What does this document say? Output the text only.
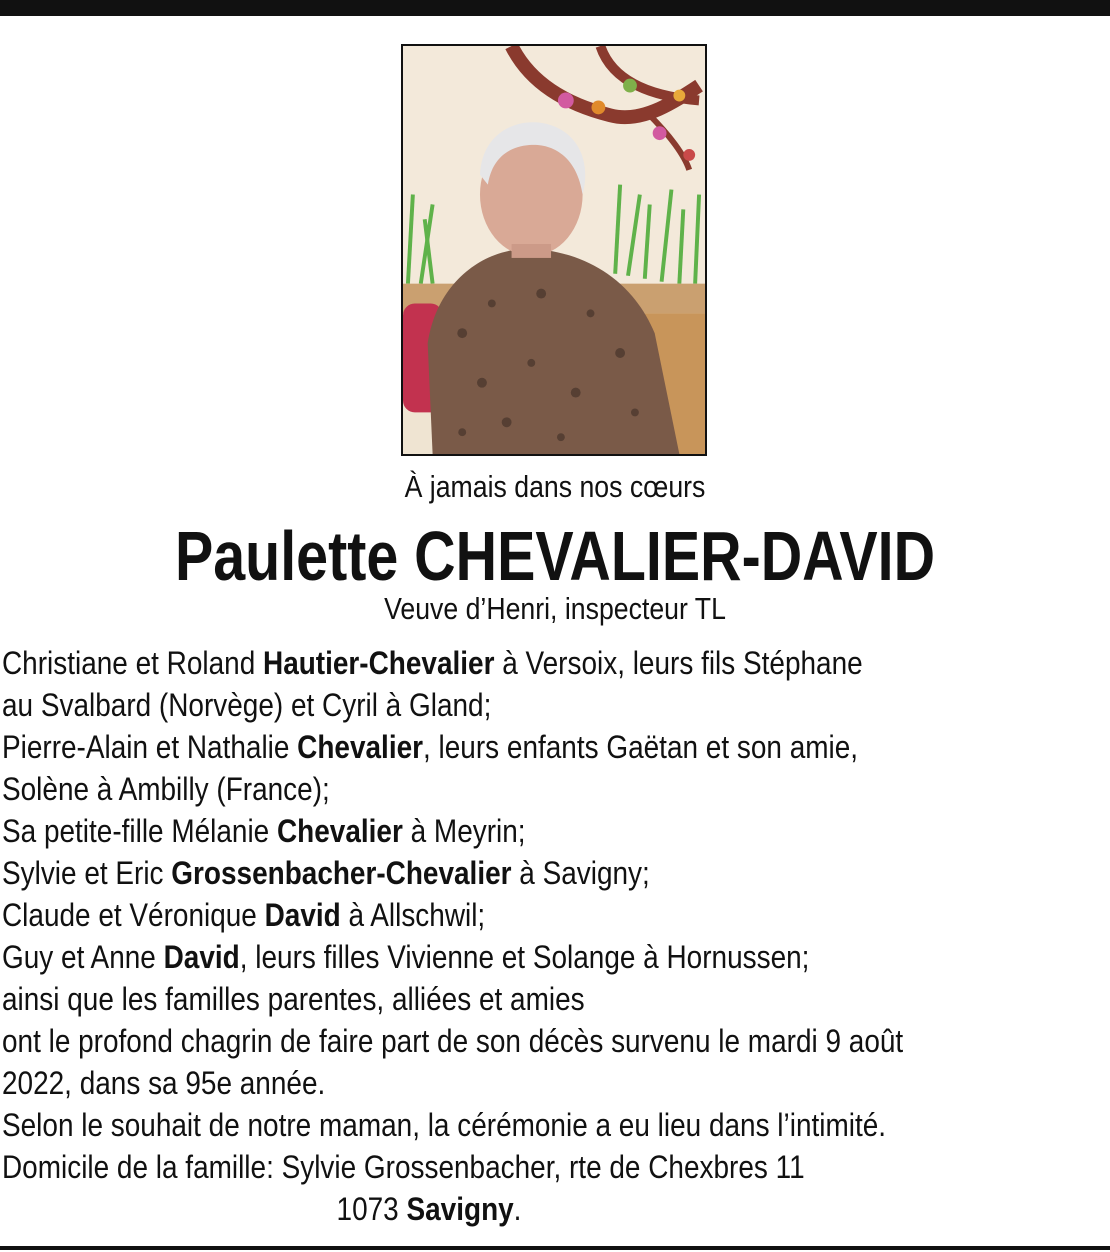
À jamais dans nos cœurs
Paulette CHEVALIER-DAVID
Veuve d’Henri, inspecteur TL
Christiane et Roland Hautier-Chevalier à Versoix, leurs fils Stéphane
au Svalbard (Norvège) et Cyril à Gland;
Pierre-Alain et Nathalie Chevalier, leurs enfants Gaëtan et son amie,
Solène à Ambilly (France);
Sa petite-fille Mélanie Chevalier à Meyrin;
Sylvie et Eric Grossenbacher-Chevalier à Savigny;
Claude et Véronique David à Allschwil;
Guy et Anne David, leurs filles Vivienne et Solange à Hornussen;
ainsi que les familles parentes, alliées et amies
ont le profond chagrin de faire part de son décès survenu le mardi 9 août
2022, dans sa 95e année.
Selon le souhait de notre maman, la cérémonie a eu lieu dans l’intimité.
Domicile de la famille: Sylvie Grossenbacher, rte de Chexbres 11
1073 Savigny.
